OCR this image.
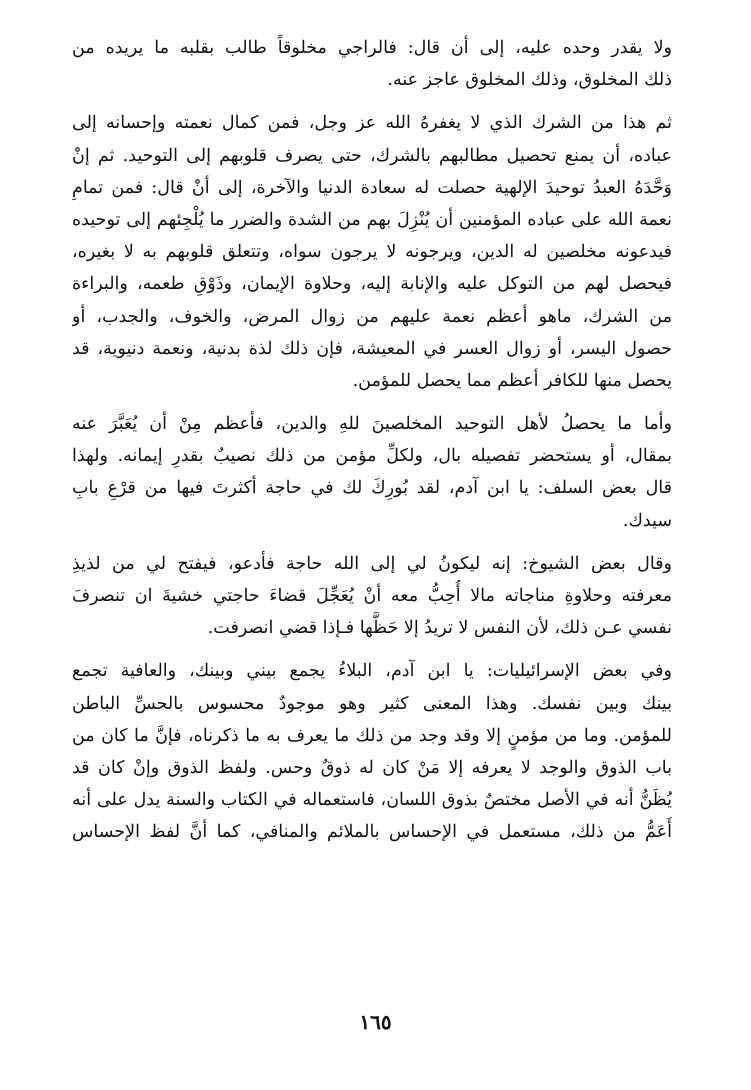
ولا يقدر وحده عليه، إلى أن قال: فالراجي مخلوقاً طالب بقلبه ما يريده من
ذلك المخلوق، وذلك المخلوق عاجز عنه.
ثم هذا من الشرك الذي لا يغفرهُ الله عز وجل، فمن كمال نعمته وإحسانه إلى
عباده، أن يمنع تحصيل مطالبهم بالشرك، حتى يصرف قلوبهم إلى التوحيد. ثم إنْ
وَحَّدَهُ العبدُ توحيدَ الإلهية حصلت له سعادة الدنيا والآخرة، إلى أنْ قال: فمن تمامِ
نعمة الله على عباده المؤمنين أن يُنْزِلَ بهم من الشدة والضرر ما يُلْجِئهم إلى توحيده
فيدعونه مخلصين له الدين، ويرجونه لا يرجون سواه، وتتعلق قلوبهم به لا بغيره،
فيحصل لهم من التوكل عليه والإنابة إليه، وحلاوة الإيمان، وذَوْقِ طعمه، والبراءة
من الشرك، ماهو أعظم نعمة عليهم من زوال المرض، والخوف، والجدب، أو
حصول اليسر، أو زوال العسر في المعيشة، فإن ذلك لذة بدنية، ونعمة دنيوية، قد
يحصل منها للكافر أعظم مما يحصل للمؤمن.
وأما ما يحصلُ لأهل التوحيد المخلصينَ للهِ والدين، فأعظم مِنْ أن يُعَبَّرَ عنه
بمقال، أو يستحضر تفصيله بال، ولكلِّ مؤمن من ذلك نصيبٌ بقدرِ إيمانه. ولهذا
قال بعض السلف: يا ابن آدم، لقد بُورِكَ لك في حاجة أكثرتَ فيها من قرْعِ بابِ
سيدك.
وقال بعض الشيوخ: إنه ليكونُ لي إلى الله حاجة فأدعو، فيفتح لي من لذيذِ
معرفته وحلاوةِ مناجاته مالا أُحِبُّ معه أنْ يُعَجِّلَ قضاءَ حاجتي خشيةَ ان تنصرفَ
نفسي عـن ذلك، لأن النفس لا تريدُ إلا حَظَّها فـإذا قضي انصرفت.
وفي بعض الإسرائيليات: يا ابن آدم، البلاءُ يجمع بيني وبينك، والعافية تجمع
بينك وبين نفسك. وهذا المعنى كثير وهو موجودٌ محسوس بالحسِّ الباطن
للمؤمن. وما من مؤمنٍ إلا وقد وجد من ذلك ما يعرف به ما ذكرناه، فإنَّ ما كان من
باب الذوق والوجد لا يعرفه إلا مَنْ كان له ذوقٌ وحس. ولفظ الذوق وإنْ كان قد
يُظَنُّ أنه في الأصل مختصٌ بذوق اللسان، فاستعماله في الكتاب والسنة يدل على أنه
أَعَمُّ من ذلك، مستعمل في الإحساس بالملائم والمنافي، كما أنَّ لفظ الإحساس
١٦٥
